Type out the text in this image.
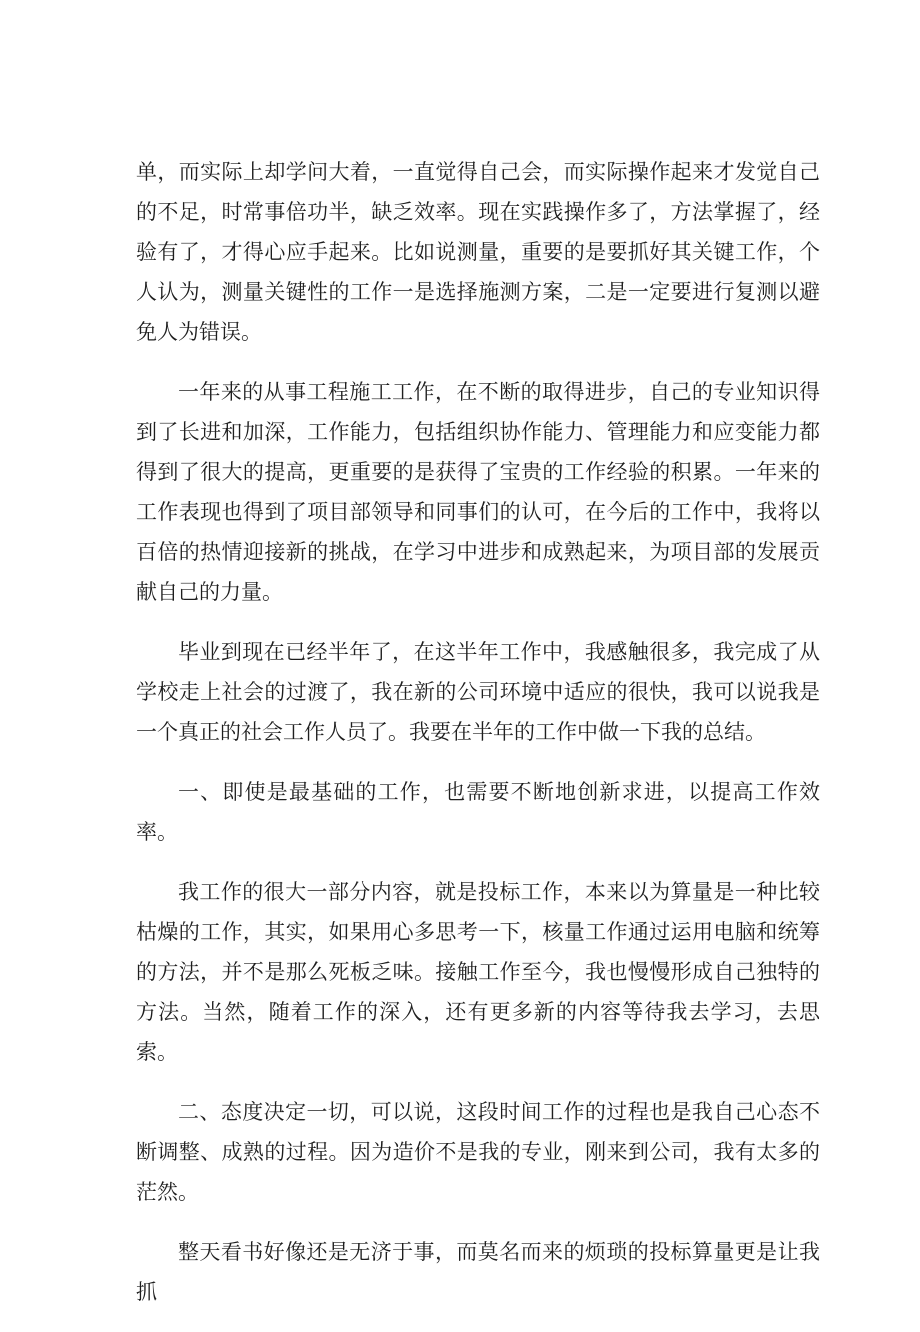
单，而实际上却学问大着，一直觉得自己会，而实际操作起来才发觉自己的不足，时常事倍功半，缺乏效率。现在实践操作多了，方法掌握了，经验有了，才得心应手起来。比如说测量，重要的是要抓好其关键工作，个人认为，测量关键性的工作一是选择施测方案，二是一定要进行复测以避免人为错误。

一年来的从事工程施工工作，在不断的取得进步，自己的专业知识得到了长进和加深，工作能力，包括组织协作能力、管理能力和应变能力都得到了很大的提高，更重要的是获得了宝贵的工作经验的积累。一年来的工作表现也得到了项目部领导和同事们的认可，在今后的工作中，我将以百倍的热情迎接新的挑战，在学习中进步和成熟起来，为项目部的发展贡献自己的力量。

毕业到现在已经半年了，在这半年工作中，我感触很多，我完成了从学校走上社会的过渡了，我在新的公司环境中适应的很快，我可以说我是一个真正的社会工作人员了。我要在半年的工作中做一下我的总结。

一、即使是最基础的工作，也需要不断地创新求进，以提高工作效率。

我工作的很大一部分内容，就是投标工作，本来以为算量是一种比较枯燥的工作，其实，如果用心多思考一下，核量工作通过运用电脑和统筹的方法，并不是那么死板乏味。接触工作至今，我也慢慢形成自己独特的方法。当然，随着工作的深入，还有更多新的内容等待我去学习，去思索。

二、态度决定一切，可以说，这段时间工作的过程也是我自己心态不断调整、成熟的过程。因为造价不是我的专业，刚来到公司，我有太多的茫然。

整天看书好像还是无济于事，而莫名而来的烦琐的投标算量更是让我抓
